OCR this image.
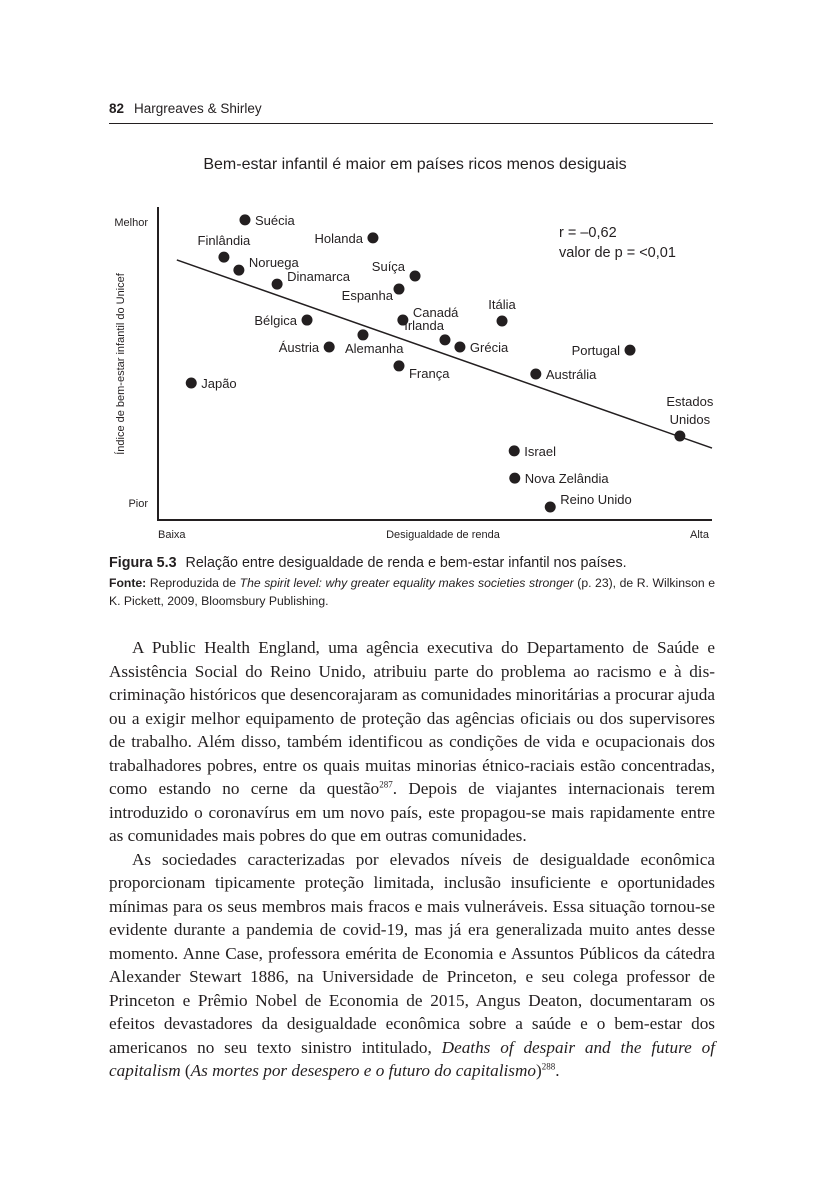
82 Hargreaves & Shirley
Bem-estar infantil é maior em países ricos menos desiguais
Melhor
Pior
Baixa	Alta
Desigualdade de renda
Índice de bem-estar infantil do Unicef
Suécia
Finlândia
Noruega
Dinamarca
Holanda
Suíça
Espanha
Bélgica
Canadá
Itália
Alemanha
Áustria
Irlanda
Grécia
França
Portugal
Austrália
Japão
Estados
Unidos
Israel
Nova Zelândia
Reino Unido
r = –0,62
valor de p = <0,01
Figura 5.3 Relação entre desigualdade de renda e bem-estar infantil nos países.
Fonte: Reproduzida de The spirit level: why greater equality makes societies stronger (p. 23), de R. Wilkinson e K. Pickett, 2009, Bloomsbury Publishing.

A Public Health England, uma agência executiva do Departamento de Saúde e Assistência Social do Reino Unido, atribuiu parte do problema ao racismo e à discriminação históricos que desencorajaram as comunidades minoritárias a procurar ajuda ou a exigir melhor equipamento de proteção das agências oficiais ou dos supervisores de trabalho. Além disso, também identificou as condições de vida e ocupacionais dos trabalhadores pobres, entre os quais muitas minorias étnico-raciais estão concentradas, como estando no cerne da questão$^{287}$. Depois de viajantes internacionais terem introduzido o coronavírus em um novo país, este propagou-se mais rapidamente entre as comunidades mais pobres do que em outras comunidades.

As sociedades caracterizadas por elevados níveis de desigualdade econômica proporcionam tipicamente proteção limitada, inclusão insuficiente e oportunidades mínimas para os seus membros mais fracos e mais vulneráveis. Essa situação tornou-se evidente durante a pandemia de covid-19, mas já era generalizada muito antes desse momento. Anne Case, professora emérita de Economia e Assuntos Públicos da cátedra Alexander Stewart 1886, na Universidade de Princeton, e seu colega professor de Princeton e Prêmio Nobel de Economia de 2015, Angus Deaton, documentaram os efeitos devastadores da desigualdade econômica sobre a saúde e o bem-estar dos americanos no seu texto sinistro intitulado, Deaths of despair and the future of capitalism (As mortes por desespero e o futuro do capitalismo)$^{288}$.
